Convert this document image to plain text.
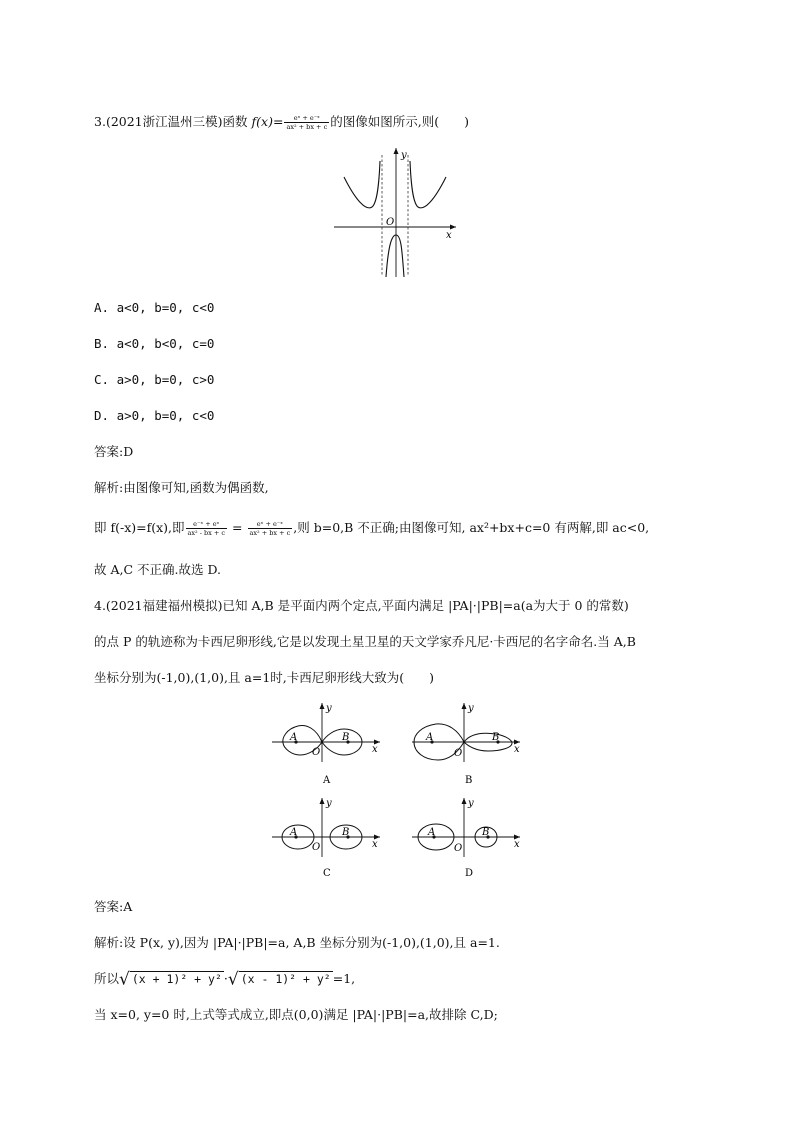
3.(2021浙江温州三模)函数 $f(x)= \frac{\text{eˣ + e⁻ˣ}}{\text{ax² + bx + c}}$ 的图像如图所示,则(　　)
y
x
O
A. a<0, b=0, c<0
B. a<0, b<0, c=0
C. a>0, b=0, c>0
D. a>0, b=0, c<0
答案:D
解析:由图像可知,函数为偶函数,
即 f(-x)=f(x),即 $\frac{\text{e⁻ˣ + eˣ}}{\text{ax² - bx + c}} = \frac{\text{eˣ + e⁻ˣ}}{\text{ax² + bx + c}}$ ,则 b=0,B 不正确;由图像可知, ax²+bx+c=0 有两解,即 ac<0,
故 A,C 不正确.故选 D.
4.(2021福建福州模拟)已知 A,B 是平面内两个定点,平面内满足 |PA|·|PB|=a(a为大于 0 的常数)
的点 P 的轨迹称为卡西尼卵形线,它是以发现土星卫星的天文学家乔凡尼·卡西尼的名字命名.当 A,B
坐标分别为(-1,0),(1,0),且 a=1时,卡西尼卵形线大致为(　　)
y
x
O
A	B
A
y
x
O
A	B
B
y
x
O
A	B
C
y
x
O
A	B
D
答案:A
解析:设 P(x, y),因为 |PA|·|PB|=a, A,B 坐标分别为(-1,0),(1,0),且 a=1.
所以√ (x + 1)² + y² ·√ (x - 1)² + y² =1,
当 x=0, y=0 时,上式等式成立,即点(0,0)满足 |PA|·|PB|=a,故排除 C,D;
